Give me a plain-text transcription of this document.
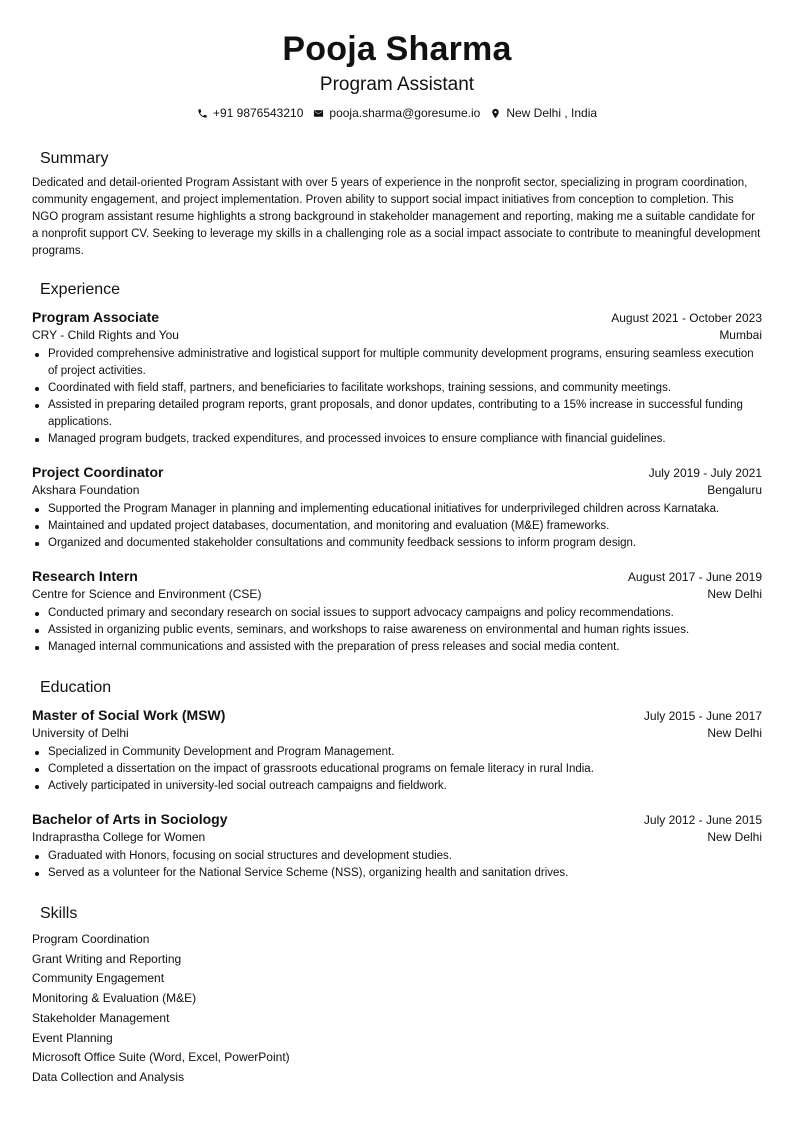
Pooja Sharma
Program Assistant
+91 9876543210 pooja.sharma@goresume.io New Delhi , India
Summary
Dedicated and detail-oriented Program Assistant with over 5 years of experience in the nonprofit sector, specializing in program coordination, community engagement, and project implementation. Proven ability to support social impact initiatives from conception to completion. This NGO program assistant resume highlights a strong background in stakeholder management and reporting, making me a suitable candidate for a nonprofit support CV. Seeking to leverage my skills in a challenging role as a social impact associate to contribute to meaningful development programs.
Experience
Program Associate	August 2021 - October 2023
CRY - Child Rights and You	Mumbai
Provided comprehensive administrative and logistical support for multiple community development programs, ensuring seamless execution of project activities.
Coordinated with field staff, partners, and beneficiaries to facilitate workshops, training sessions, and community meetings.
Assisted in preparing detailed program reports, grant proposals, and donor updates, contributing to a 15% increase in successful funding applications.
Managed program budgets, tracked expenditures, and processed invoices to ensure compliance with financial guidelines.
Project Coordinator	July 2019 - July 2021
Akshara Foundation	Bengaluru
Supported the Program Manager in planning and implementing educational initiatives for underprivileged children across Karnataka.
Maintained and updated project databases, documentation, and monitoring and evaluation (M&E) frameworks.
Organized and documented stakeholder consultations and community feedback sessions to inform program design.
Research Intern	August 2017 - June 2019
Centre for Science and Environment (CSE)	New Delhi
Conducted primary and secondary research on social issues to support advocacy campaigns and policy recommendations.
Assisted in organizing public events, seminars, and workshops to raise awareness on environmental and human rights issues.
Managed internal communications and assisted with the preparation of press releases and social media content.
Education
Master of Social Work (MSW)	July 2015 - June 2017
University of Delhi	New Delhi
Specialized in Community Development and Program Management.
Completed a dissertation on the impact of grassroots educational programs on female literacy in rural India.
Actively participated in university-led social outreach campaigns and fieldwork.
Bachelor of Arts in Sociology	July 2012 - June 2015
Indraprastha College for Women	New Delhi
Graduated with Honors, focusing on social structures and development studies.
Served as a volunteer for the National Service Scheme (NSS), organizing health and sanitation drives.
Skills
Program Coordination
Grant Writing and Reporting
Community Engagement
Monitoring & Evaluation (M&E)
Stakeholder Management
Event Planning
Microsoft Office Suite (Word, Excel, PowerPoint)
Data Collection and Analysis
